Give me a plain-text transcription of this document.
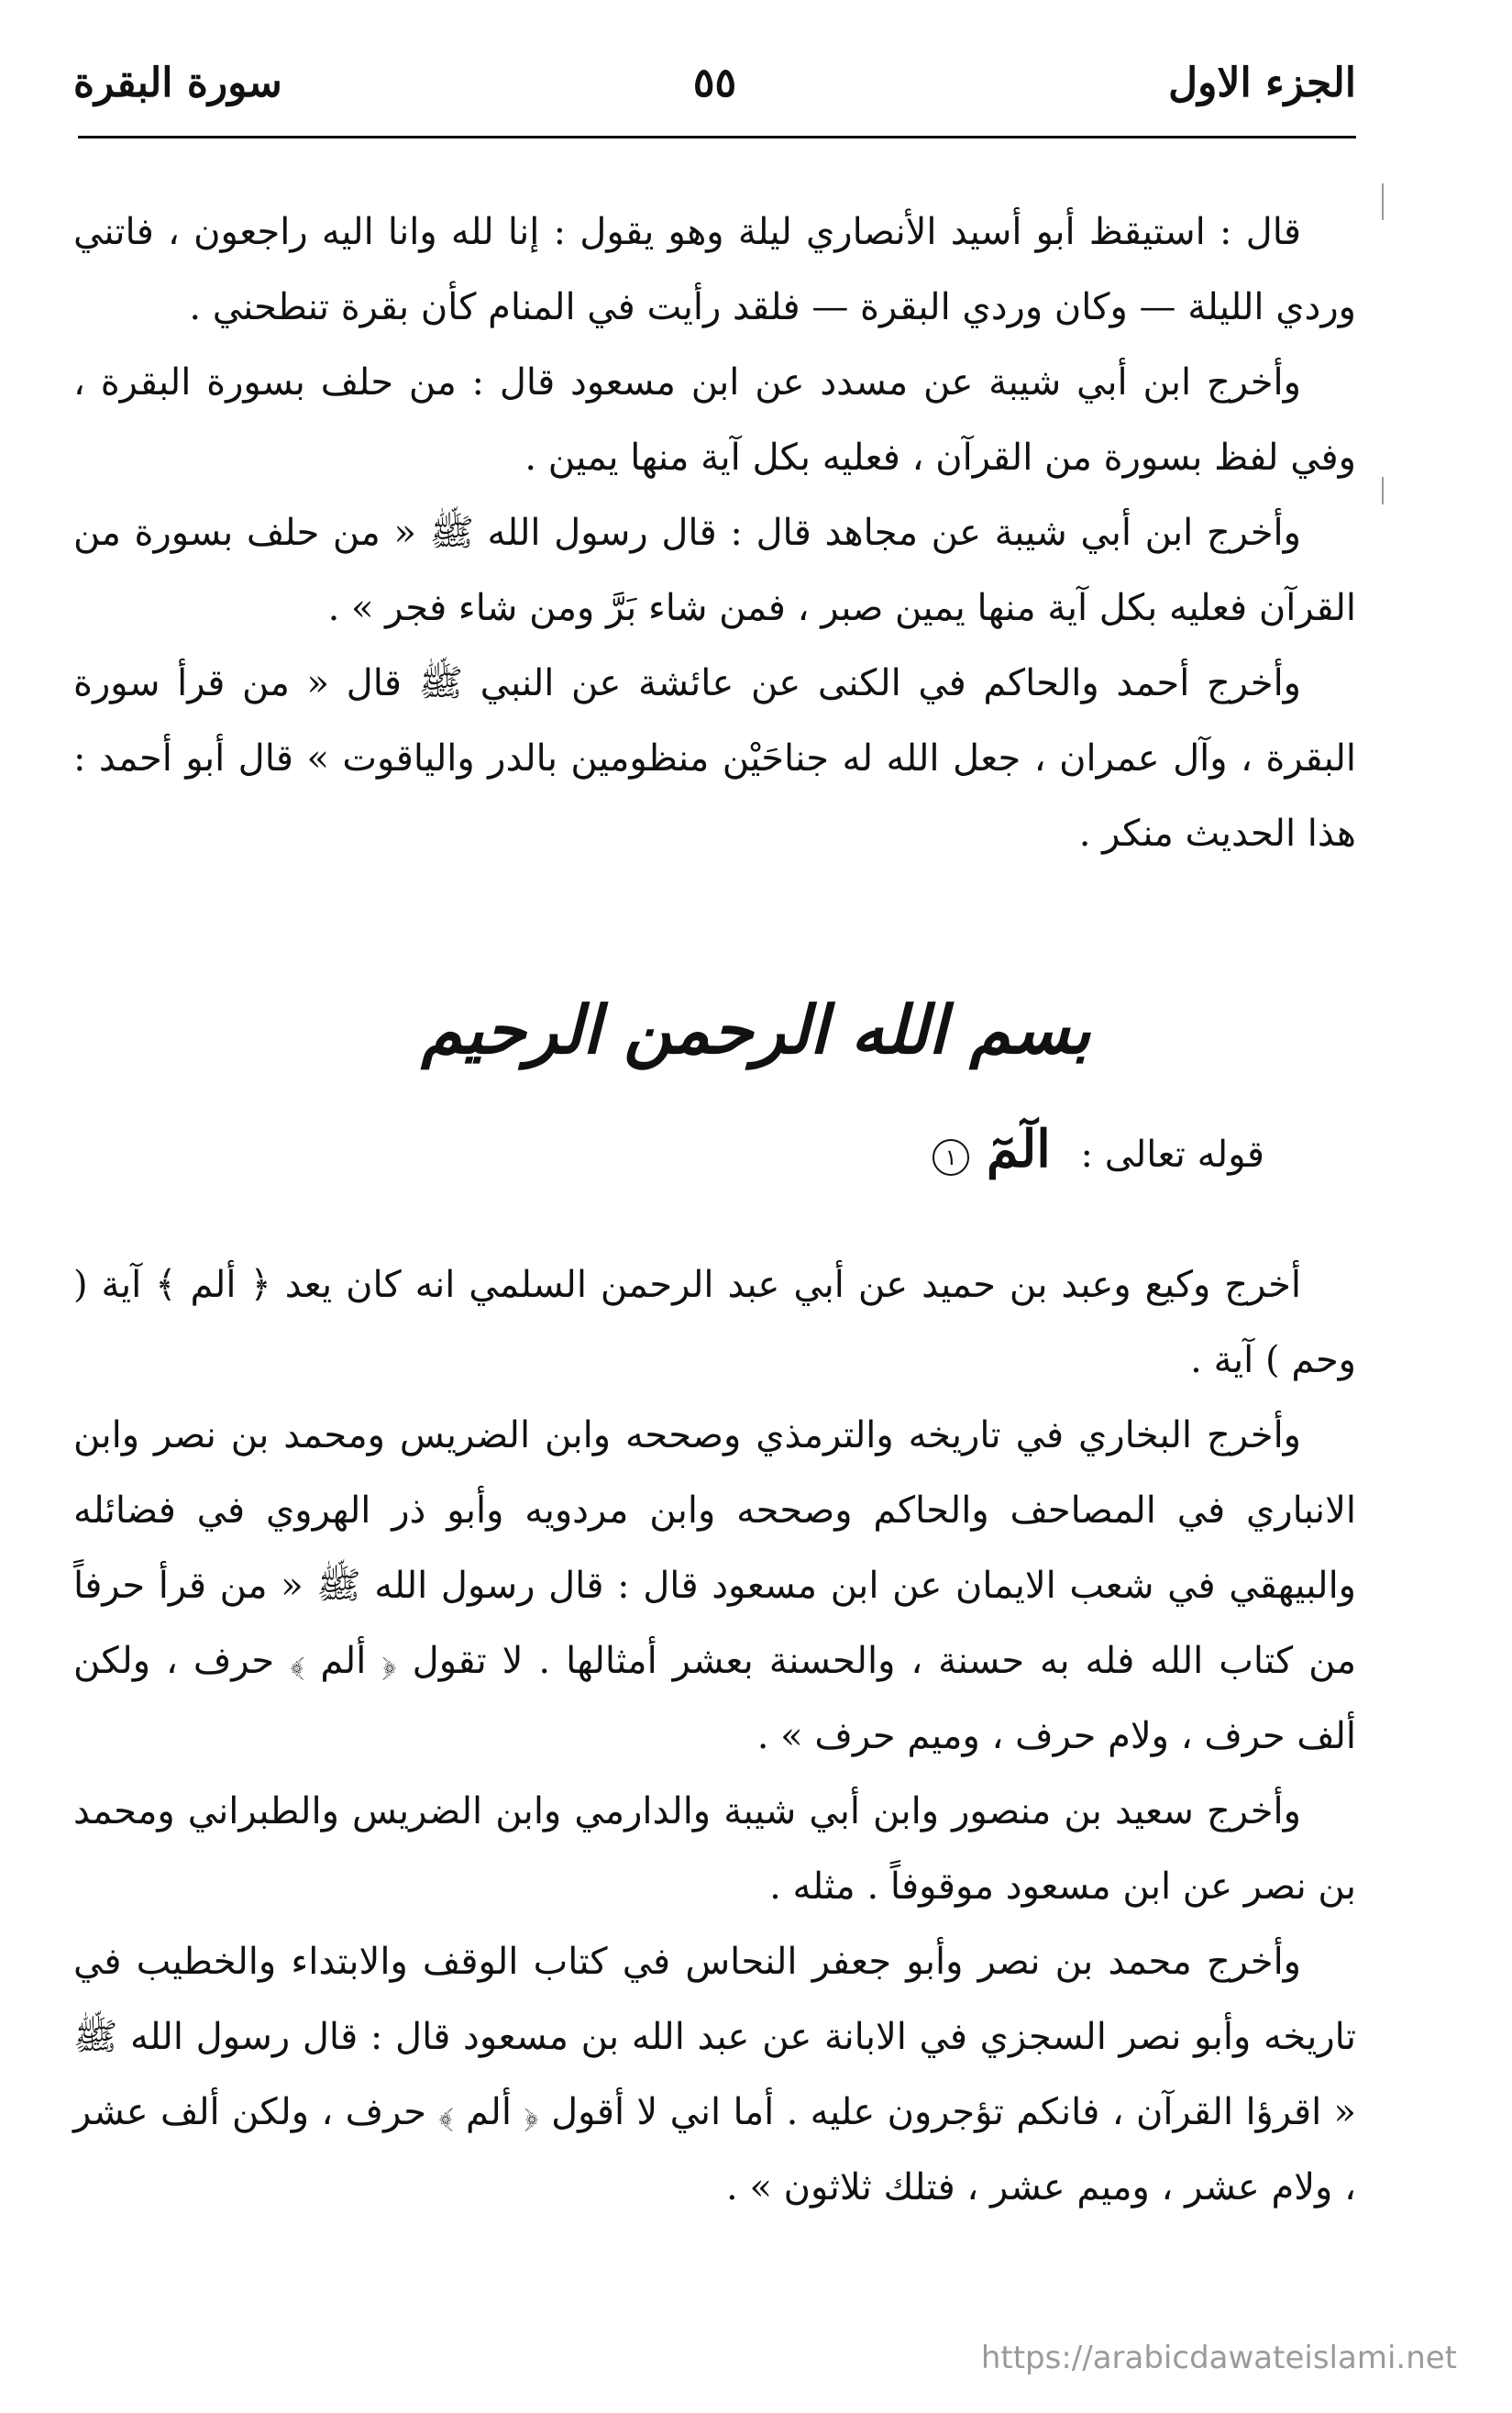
الجزء الاول
٥٥
سورة البقرة

قال : استيقظ أبو أسيد الأنصاري ليلة وهو يقول : إنا لله وانا اليه راجعون ، فاتني وردي الليلة — وكان وردي البقرة — فلقد رأيت في المنام كأن بقرة تنطحني .

وأخرج ابن أبي شيبة عن مسدد عن ابن مسعود قال : من حلف بسورة البقرة ، وفي لفظ بسورة من القرآن ، فعليه بكل آية منها يمين .

وأخرج ابن أبي شيبة عن مجاهد قال : قال رسول الله ﷺ « من حلف بسورة من القرآن فعليه بكل آية منها يمين صبر ، فمن شاء بَرَّ ومن شاء فجر » .

وأخرج أحمد والحاكم في الكنى عن عائشة عن النبي ﷺ قال « من قرأ سورة البقرة ، وآل عمران ، جعل الله له جناحَيْن منظومين بالدر والياقوت » قال أبو أحمد : هذا الحديث منكر .

بسم الله الرحمن الرحيم
قوله تعالى : الٓمٓ ١

أخرج وكيع وعبد بن حميد عن أبي عبد الرحمن السلمي انه كان يعد ﴿ ألم ﴾ آية ( وحم ) آية .

وأخرج البخاري في تاريخه والترمذي وصححه وابن الضريس ومحمد بن نصر وابن الانباري في المصاحف والحاكم وصححه وابن مردويه وأبو ذر الهروي في فضائله والبيهقي في شعب الايمان عن ابن مسعود قال : قال رسول الله ﷺ « من قرأ حرفاً من كتاب الله فله به حسنة ، والحسنة بعشر أمثالها . لا تقول ﴿ ألم ﴾ حرف ، ولكن ألف حرف ، ولام حرف ، وميم حرف » .

وأخرج سعيد بن منصور وابن أبي شيبة والدارمي وابن الضريس والطبراني ومحمد بن نصر عن ابن مسعود موقوفاً . مثله .

وأخرج محمد بن نصر وأبو جعفر النحاس في كتاب الوقف والابتداء والخطيب في تاريخه وأبو نصر السجزي في الابانة عن عبد الله بن مسعود قال : قال رسول الله ﷺ « اقرؤا القرآن ، فانكم تؤجرون عليه . أما اني لا أقول ﴿ ألم ﴾ حرف ، ولكن ألف عشر ، ولام عشر ، وميم عشر ، فتلك ثلاثون » .

https://arabicdawateislami.net
